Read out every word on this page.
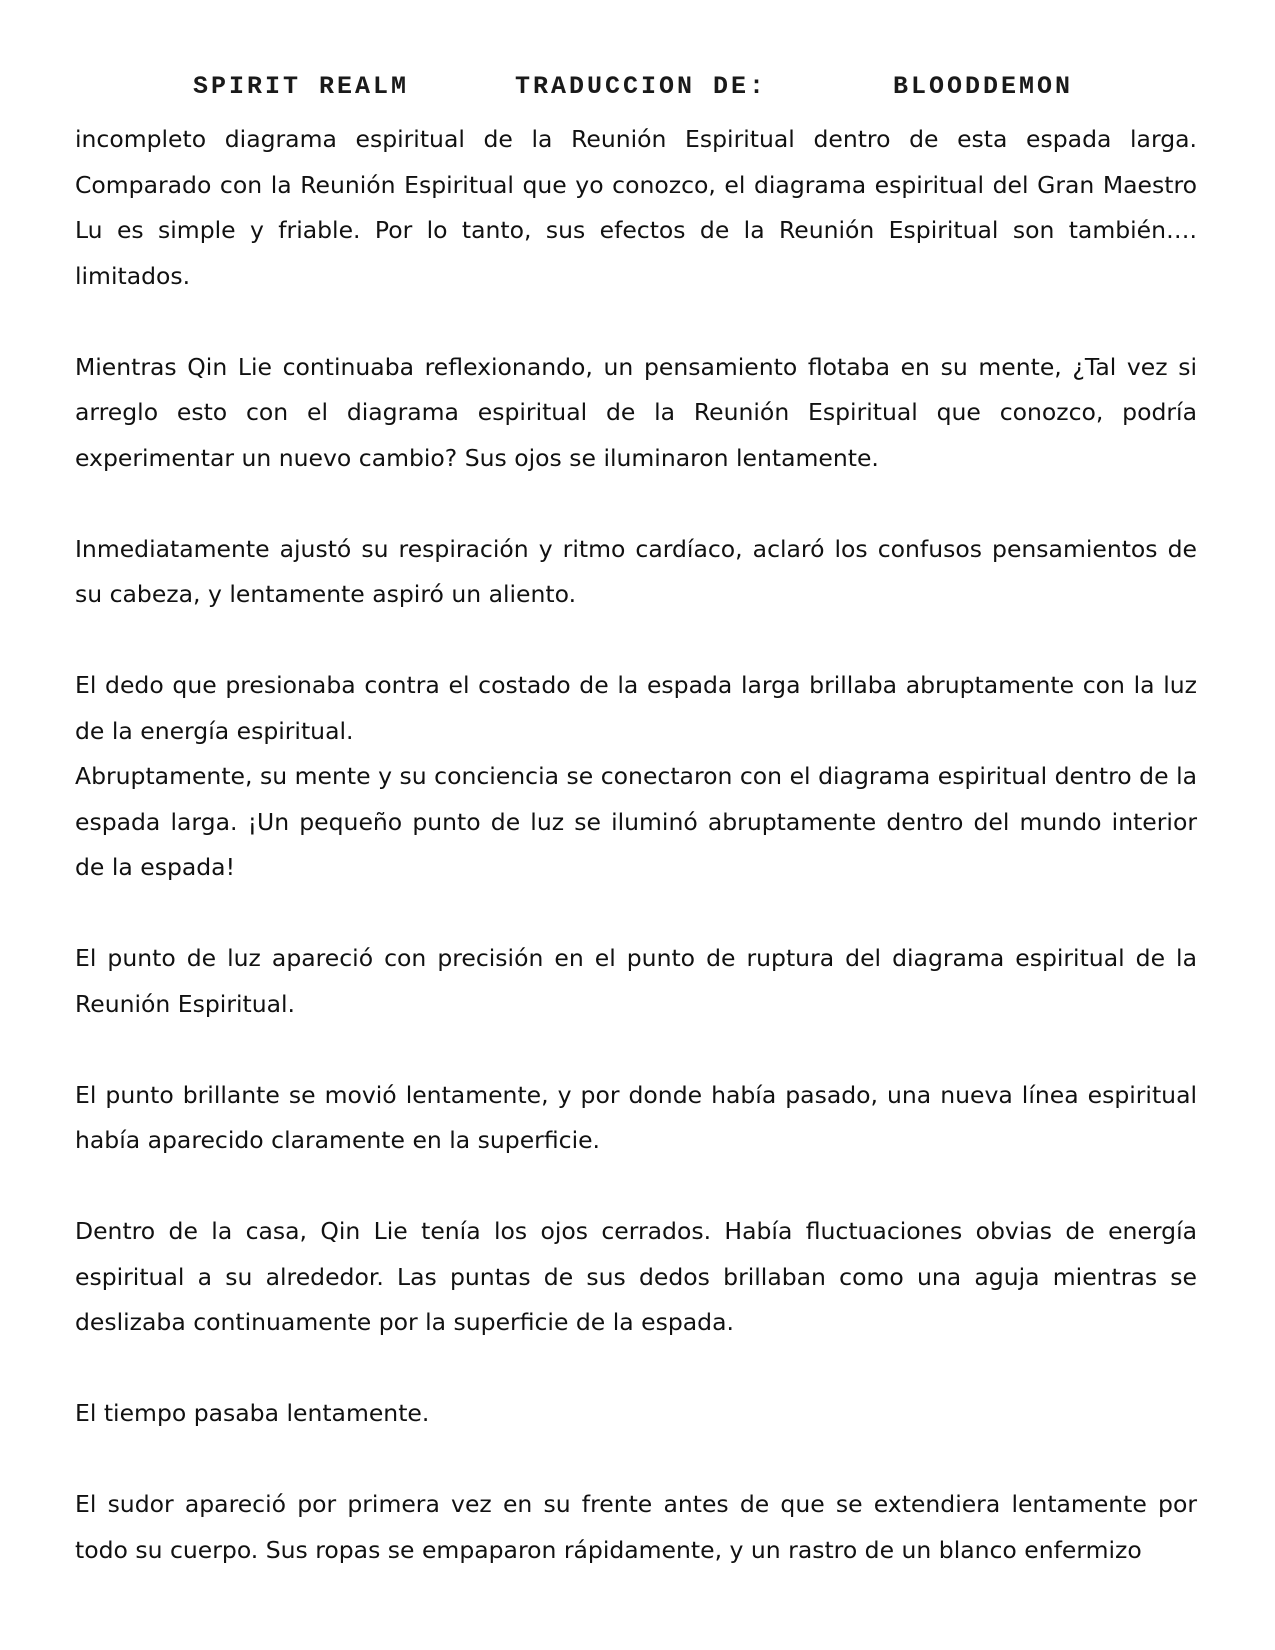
SPIRIT REALM	TRADUCCION DE:	BLOODDEMON

incompleto diagrama espiritual de la Reunión Espiritual dentro de esta espada larga. Comparado con la Reunión Espiritual que yo conozco, el diagrama espiritual del Gran Maestro Lu es simple y friable. Por lo tanto, sus efectos de la Reunión Espiritual son también…. limitados.

Mientras Qin Lie continuaba reflexionando, un pensamiento flotaba en su mente, ¿Tal vez si arreglo esto con el diagrama espiritual de la Reunión Espiritual que conozco, podría experimentar un nuevo cambio? Sus ojos se iluminaron lentamente.

Inmediatamente ajustó su respiración y ritmo cardíaco, aclaró los confusos pensamientos de su cabeza, y lentamente aspiró un aliento.

El dedo que presionaba contra el costado de la espada larga brillaba abruptamente con la luz de la energía espiritual.

Abruptamente, su mente y su conciencia se conectaron con el diagrama espiritual dentro de la espada larga. ¡Un pequeño punto de luz se iluminó abruptamente dentro del mundo interior de la espada!

El punto de luz apareció con precisión en el punto de ruptura del diagrama espiritual de la Reunión Espiritual.

El punto brillante se movió lentamente, y por donde había pasado, una nueva línea espiritual había aparecido claramente en la superficie.

Dentro de la casa, Qin Lie tenía los ojos cerrados. Había fluctuaciones obvias de energía espiritual a su alrededor. Las puntas de sus dedos brillaban como una aguja mientras se deslizaba continuamente por la superficie de la espada.

El tiempo pasaba lentamente.

El sudor apareció por primera vez en su frente antes de que se extendiera lentamente por todo su cuerpo. Sus ropas se empaparon rápidamente, y un rastro de un blanco enfermizo
